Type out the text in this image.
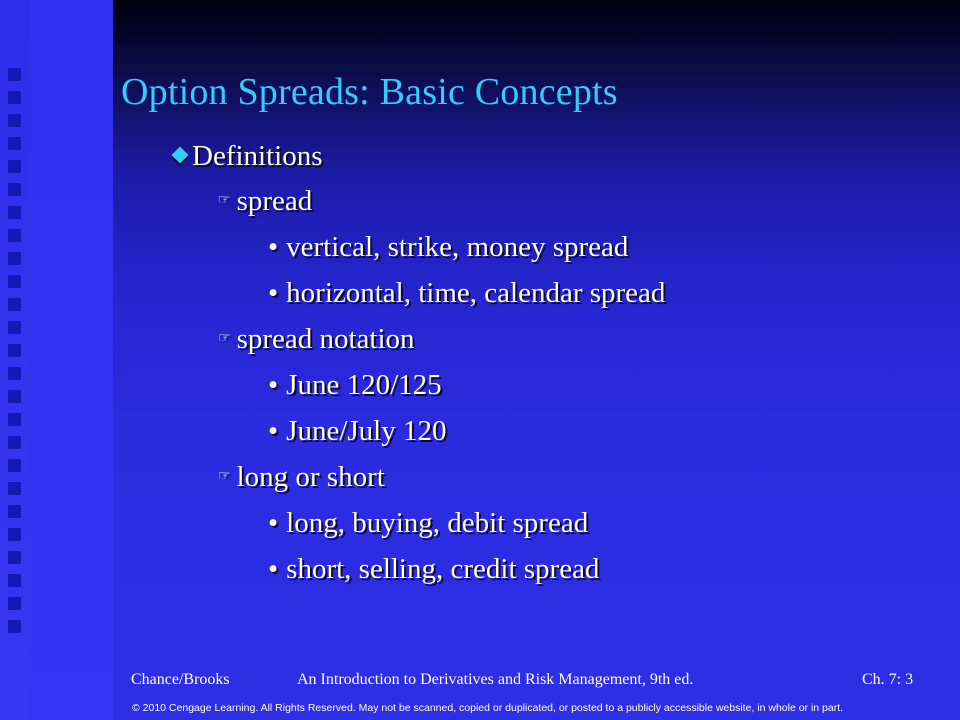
Option Spreads: Basic Concepts
Definitions
☞ spread
• vertical, strike, money spread
• horizontal, time, calendar spread
☞ spread notation
• June 120/125
• June/July 120
☞ long or short
• long, buying, debit spread
• short, selling, credit spread
Chance/Brooks	An Introduction to Derivatives and Risk Management, 9th ed.	Ch. 7: 3
© 2010 Cengage Learning. All Rights Reserved. May not be scanned, copied or duplicated, or posted to a publicly accessible website, in whole or in part.
